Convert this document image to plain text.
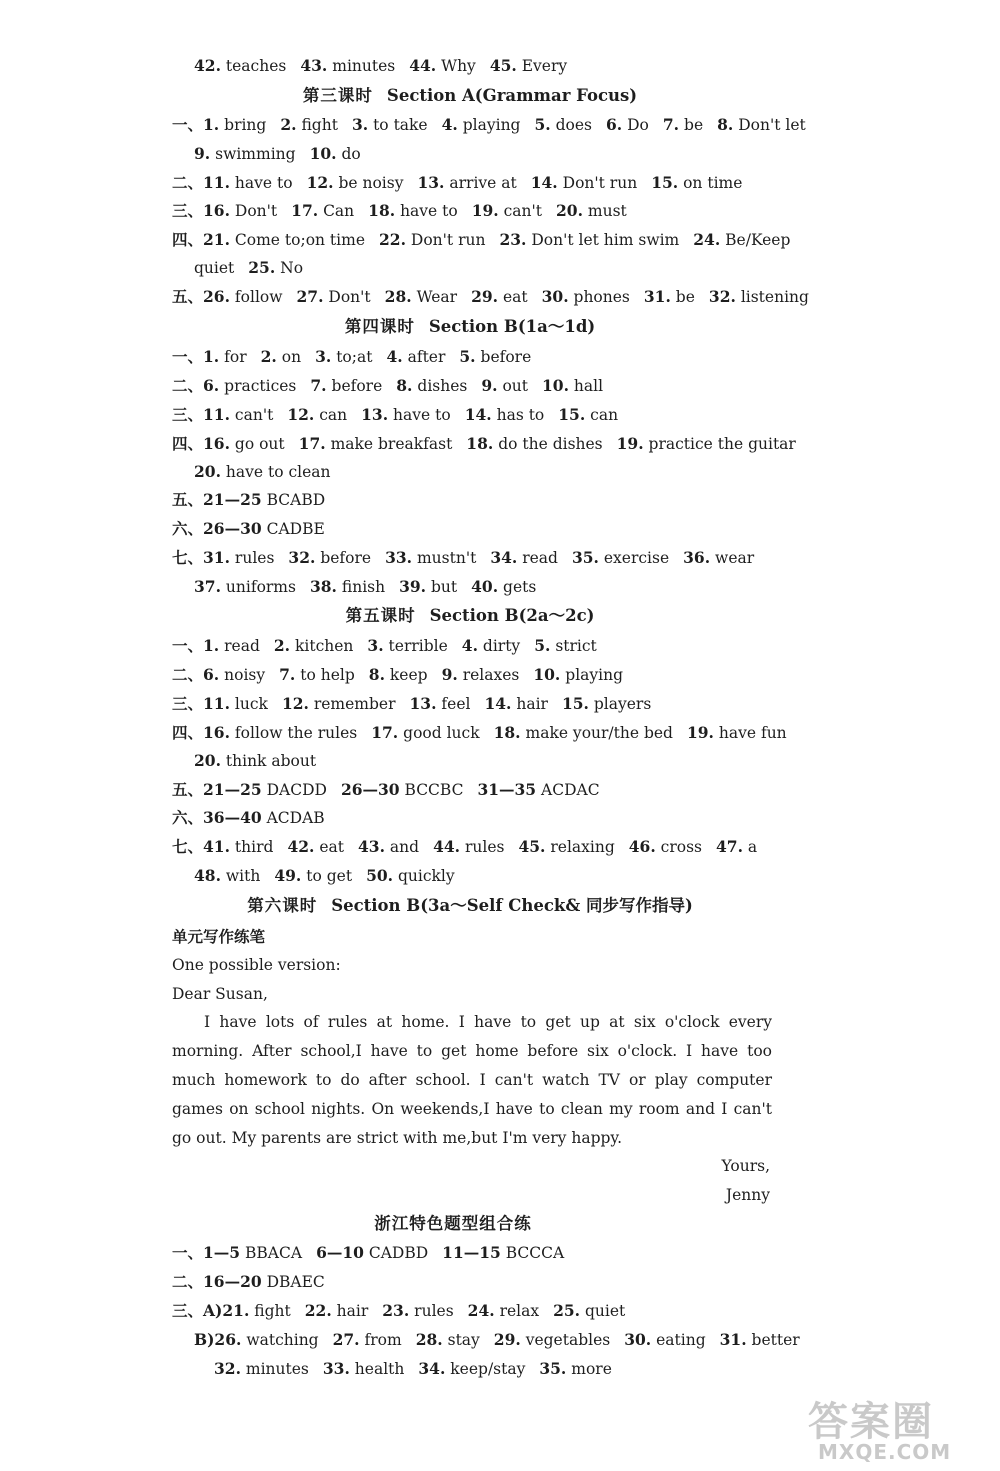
第三课时 Section A(Grammar Focus)
第四课时 Section B(1a～1d)
第五课时 Section B(2a～2c)
第六课时 Section B(3a～Self Check& 同步写作指导)
浙江特色题型组合练
42. teaches 43. minutes 44. Why 45. Every
一、1. bring 2. fight 3. to take 4. playing 5. does 6. Do 7. be 8. Don't let
9. swimming 10. do
二、11. have to 12. be noisy 13. arrive at 14. Don't run 15. on time
三、16. Don't 17. Can 18. have to 19. can't 20. must
四、21. Come to;on time 22. Don't run 23. Don't let him swim 24. Be/Keep
quiet 25. No
五、26. follow 27. Don't 28. Wear 29. eat 30. phones 31. be 32. listening
一、1. for 2. on 3. to;at 4. after 5. before
二、6. practices 7. before 8. dishes 9. out 10. hall
三、11. can't 12. can 13. have to 14. has to 15. can
四、16. go out 17. make breakfast 18. do the dishes 19. practice the guitar
20. have to clean
五、21—25 BCABD
六、26—30 CADBE
七、31. rules 32. before 33. mustn't 34. read 35. exercise 36. wear
37. uniforms 38. finish 39. but 40. gets
一、1. read 2. kitchen 3. terrible 4. dirty 5. strict
二、6. noisy 7. to help 8. keep 9. relaxes 10. playing
三、11. luck 12. remember 13. feel 14. hair 15. players
四、16. follow the rules 17. good luck 18. make your/the bed 19. have fun
20. think about
五、21—25 DACDD 26—30 BCCBC 31—35 ACDAC
六、36—40 ACDAB
七、41. third 42. eat 43. and 44. rules 45. relaxing 46. cross 47. a
48. with 49. to get 50. quickly
一、1—5 BBACA 6—10 CADBD 11—15 BCCCA
二、16—20 DBAEC
三、A)21. fight 22. hair 23. rules 24. relax 25. quiet
B)26. watching 27. from 28. stay 29. vegetables 30. eating 31. better
32. minutes 33. health 34. keep/stay 35. more
单元写作练笔
One possible version:
Dear Susan,
I have lots of rules at home. I have to get up at six o'clock every morning. After school,I have to get home before six o'clock. I have too much homework to do after school. I can't watch TV or play computer games on school nights. On weekends,I have to clean my room and I can't go out. My parents are strict with me,but I'm very happy.
Yours,
Jenny
答案圈
MXQE.COM
